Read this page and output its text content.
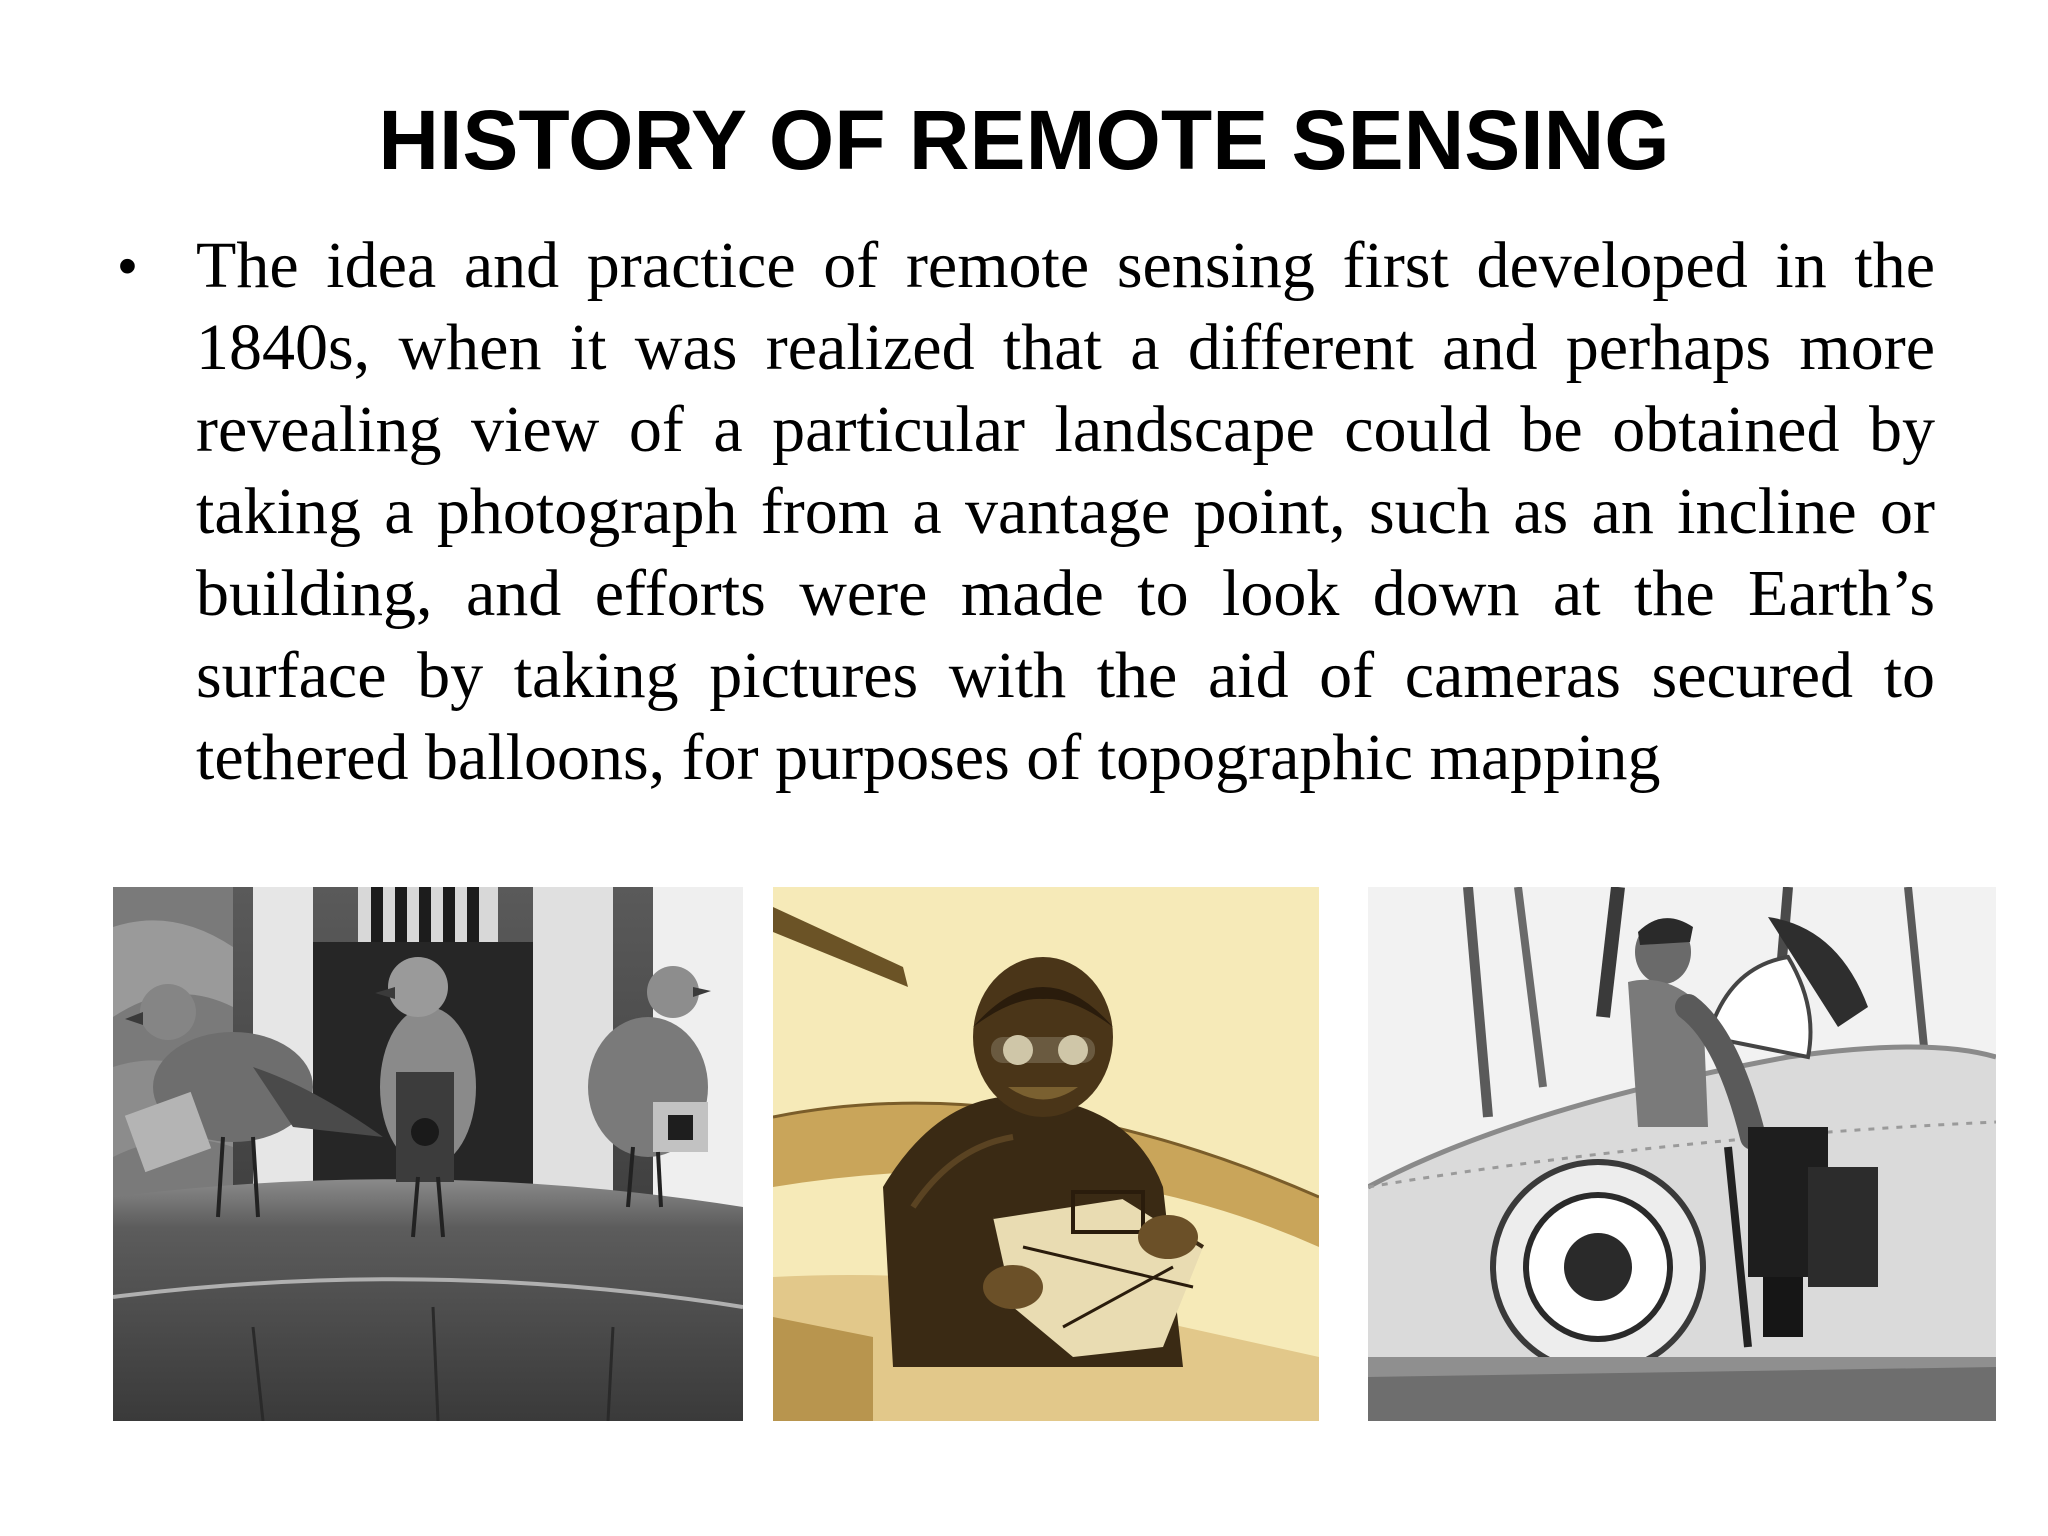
HISTORY OF REMOTE SENSING
• The idea and practice of remote sensing first developed in the 1840s, when it was realized that a different and perhaps more revealing view of a particular landscape could be obtained by taking a photograph from a vantage point, such as an incline or building, and efforts were made to look down at the Earth’s surface by taking pictures with the aid of cameras secured to tethered balloons, for purposes of topographic mapping
